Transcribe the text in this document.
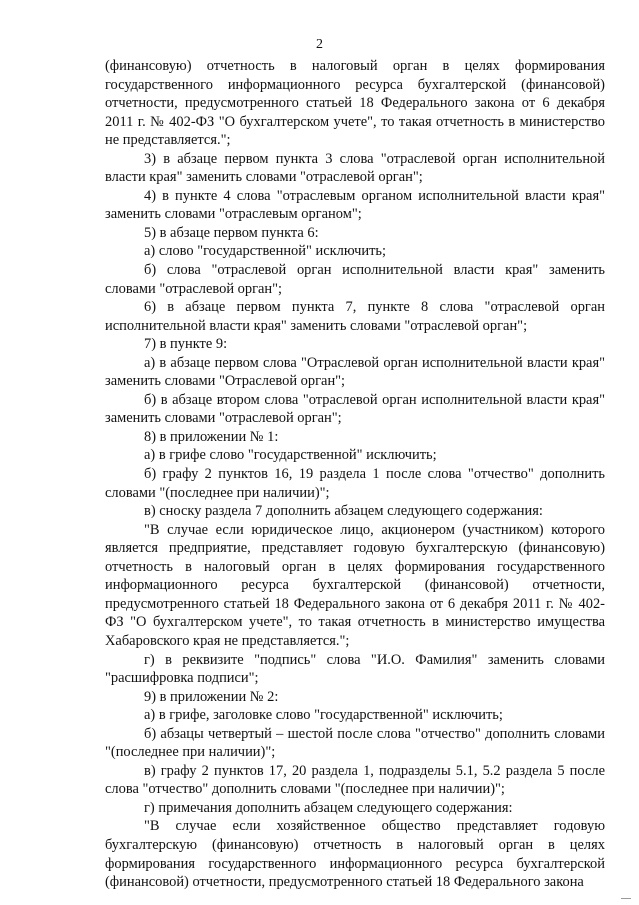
2

(финансовую) отчетность в налоговый орган в целях формирования государственного информационного ресурса бухгалтерской (финансовой) отчетности, предусмотренного статьей 18 Федерального закона от 6 декабря 2011 г. № 402-ФЗ "О бухгалтерском учете", то такая отчетность в министерство не представляется.";

3) в абзаце первом пункта 3 слова "отраслевой орган исполнительной власти края" заменить словами "отраслевой орган";

4) в пункте 4 слова "отраслевым органом исполнительной власти края" заменить словами "отраслевым органом";

5) в абзаце первом пункта 6:

а) слово "государственной" исключить;

б) слова "отраслевой орган исполнительной власти края" заменить словами "отраслевой орган";

6) в абзаце первом пункта 7, пункте 8 слова "отраслевой орган исполнительной власти края" заменить словами "отраслевой орган";

7) в пункте 9:

а) в абзаце первом слова "Отраслевой орган исполнительной власти края" заменить словами "Отраслевой орган";

б) в абзаце втором слова "отраслевой орган исполнительной власти края" заменить словами "отраслевой орган";

8) в приложении № 1:

а) в грифе слово "государственной" исключить;

б) графу 2 пунктов 16, 19 раздела 1 после слова "отчество" дополнить словами "(последнее при наличии)";

в) сноску раздела 7 дополнить абзацем следующего содержания:

"В случае если юридическое лицо, акционером (участником) которого является предприятие, представляет годовую бухгалтерскую (финансовую) отчетность в налоговый орган в целях формирования государственного информационного ресурса бухгалтерской (финансовой) отчетности, предусмотренного статьей 18 Федерального закона от 6 декабря 2011 г. № 402-ФЗ "О бухгалтерском учете", то такая отчетность в министерство имущества Хабаровского края не представляется.";

г) в реквизите "подпись" слова "И.О. Фамилия" заменить словами "расшифровка подписи";

9) в приложении № 2:

а) в грифе, заголовке слово "государственной" исключить;

б) абзацы четвертый – шестой после слова "отчество" дополнить словами "(последнее при наличии)";

в) графу 2 пунктов 17, 20 раздела 1, подразделы 5.1, 5.2 раздела 5 после слова "отчество" дополнить словами "(последнее при наличии)";

г) примечания дополнить абзацем следующего содержания:

"В случае если хозяйственное общество представляет годовую бухгалтерскую (финансовую) отчетность в налоговый орган в целях формирования государственного информационного ресурса бухгалтерской (финансовой) отчетности, предусмотренного статьей 18 Федерального закона
